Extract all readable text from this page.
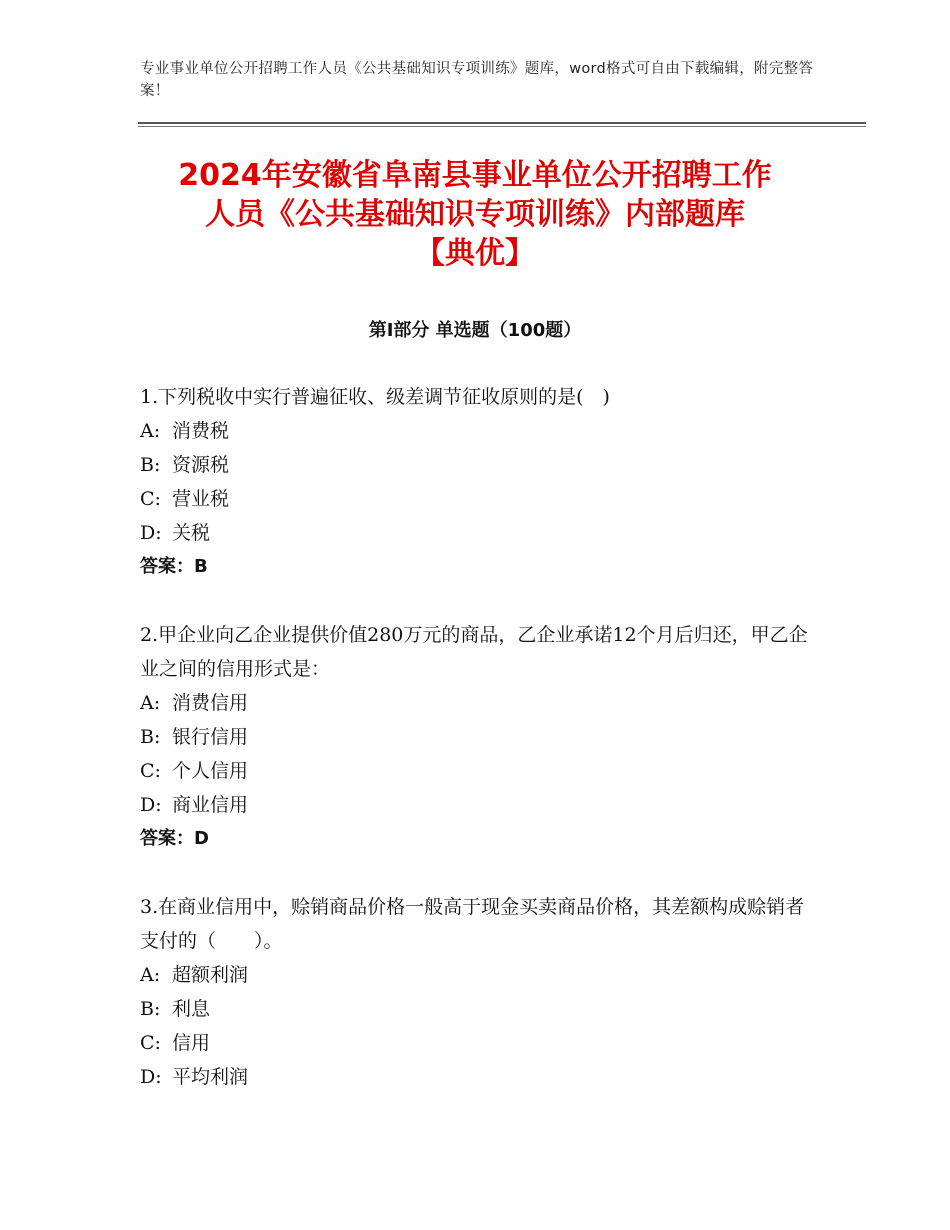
专业事业单位公开招聘工作人员《公共基础知识专项训练》题库，word格式可自由下载编辑，附完整答案！
2024年安徽省阜南县事业单位公开招聘工作
人员《公共基础知识专项训练》内部题库
【典优】
第Ⅰ部分 单选题（100题）
1.下列税收中实行普遍征收、级差调节征收原则的是(　)
A: 消费税
B: 资源税
C: 营业税
D: 关税
答案：B
2.甲企业向乙企业提供价值280万元的商品，乙企业承诺12个月后归还，甲乙企业之间的信用形式是：
A: 消费信用
B: 银行信用
C: 个人信用
D: 商业信用
答案：D
3.在商业信用中，赊销商品价格一般高于现金买卖商品价格，其差额构成赊销者支付的（　　）。
A: 超额利润
B: 利息
C: 信用
D: 平均利润
